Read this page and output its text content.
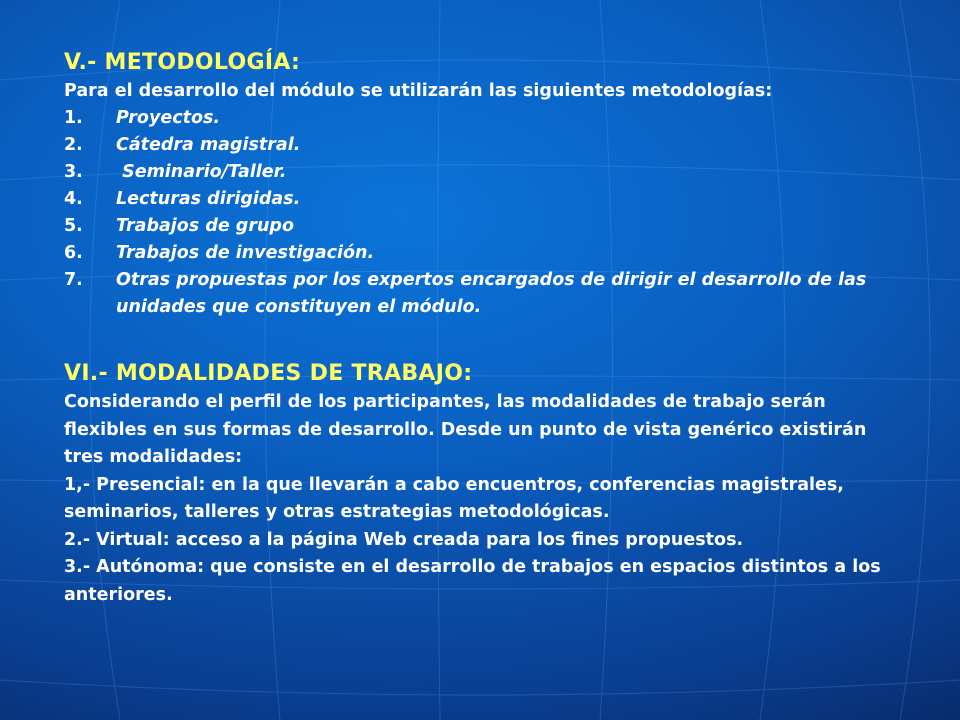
V.- METODOLOGÍA:

Para el desarrollo del módulo se utilizarán las siguientes metodologías:

1. Proyectos.
2. Cátedra magistral.
3. Seminario/Taller.
4. Lecturas dirigidas.
5. Trabajos de grupo
6. Trabajos de investigación.
7. Otras propuestas por los expertos encargados de dirigir el desarrollo de las unidades que constituyen el módulo.
VI.- MODALIDADES DE TRABAJO:

Considerando el perfil de los participantes, las modalidades de trabajo serán flexibles en sus formas de desarrollo. Desde un punto de vista genérico existirán tres modalidades:

1,- Presencial: en la que llevarán a cabo encuentros, conferencias magistrales, seminarios, talleres y otras estrategias metodológicas.

2.- Virtual: acceso a la página Web creada para los fines propuestos.

3.- Autónoma: que consiste en el desarrollo de trabajos en espacios distintos a los anteriores.
